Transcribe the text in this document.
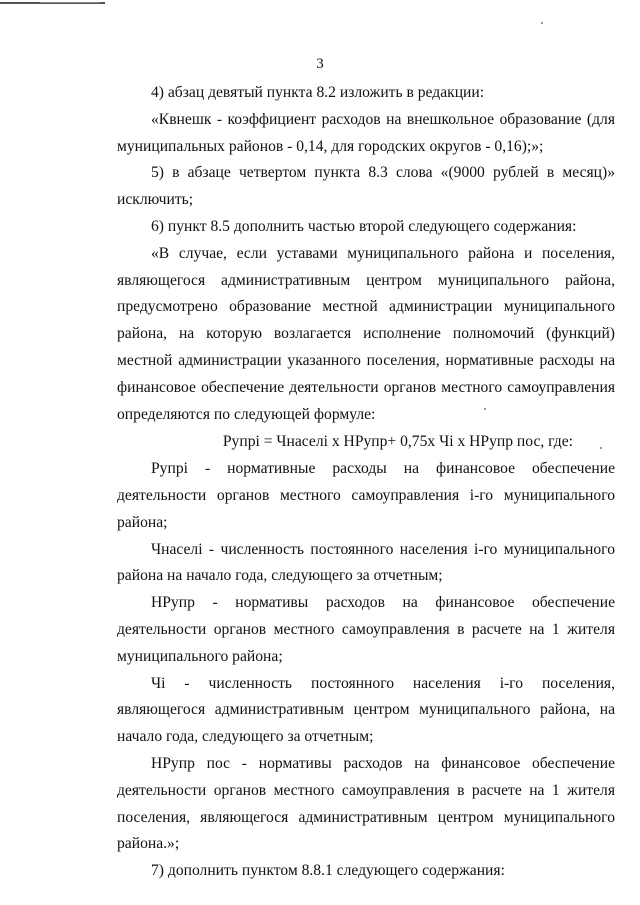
3

4) абзац девятый пункта 8.2 изложить в редакции:

«Квнешк - коэффициент расходов на внешкольное образование (для муниципальных районов - 0,14, для городских округов - 0,16);»;

5) в абзаце четвертом пункта 8.3 слова «(9000 рублей в месяц)» исключить;

6) пункт 8.5 дополнить частью второй следующего содержания:

«В случае, если уставами муниципального района и поселения, являющегося административным центром муниципального района, предусмотрено образование местной администрации муниципального района, на которую возлагается исполнение полномочий (функций) местной администрации указанного поселения, нормативные расходы на финансовое обеспечение деятельности органов местного самоуправления определяются по следующей формуле:

Рупрi = Чнаселi х НРупр+ 0,75х Чi х НРупр пос, где:

Рупрi - нормативные расходы на финансовое обеспечение деятельности органов местного самоуправления i-го муниципального района;

Чнаселi - численность постоянного населения i-го муниципального района на начало года, следующего за отчетным;

НРупр - нормативы расходов на финансовое обеспечение деятельности органов местного самоуправления в расчете на 1 жителя муниципального района;

Чi - численность постоянного населения i-го поселения, являющегося административным центром муниципального района, на начало года, следующего за отчетным;

НРупр пос - нормативы расходов на финансовое обеспечение деятельности органов местного самоуправления в расчете на 1 жителя поселения, являющегося административным центром муниципального района.»;

7) дополнить пунктом 8.8.1 следующего содержания:
